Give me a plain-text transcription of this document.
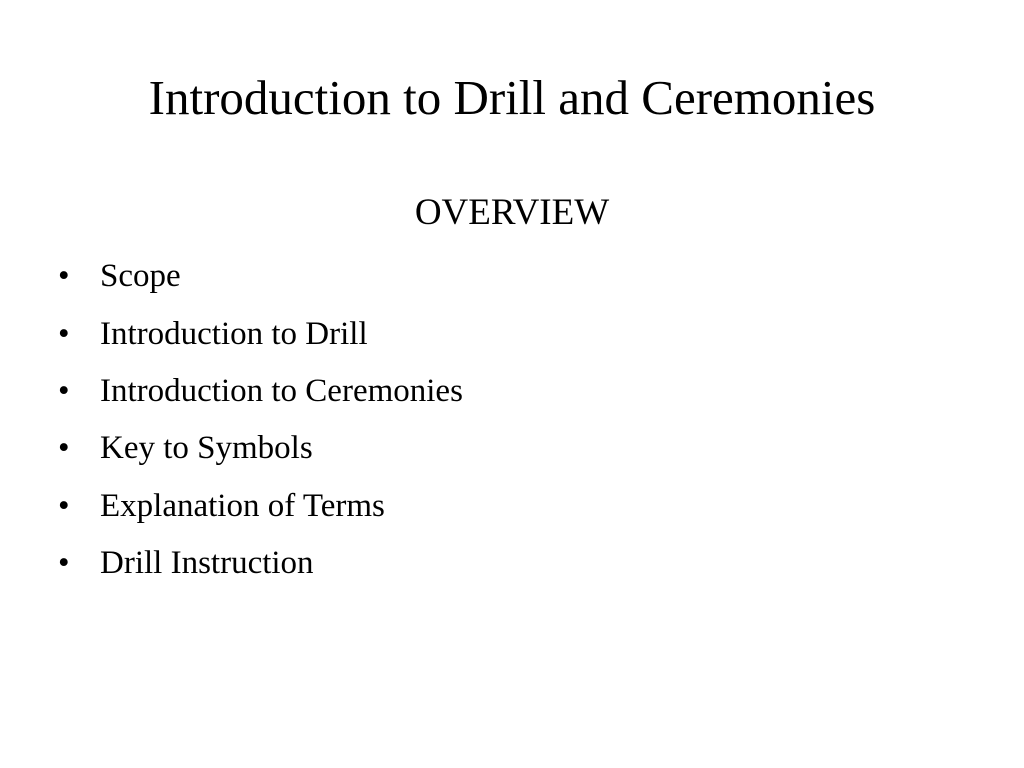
Introduction to Drill and Ceremonies
OVERVIEW
• Scope
• Introduction to Drill
• Introduction to Ceremonies
• Key to Symbols
• Explanation of Terms
• Drill Instruction
